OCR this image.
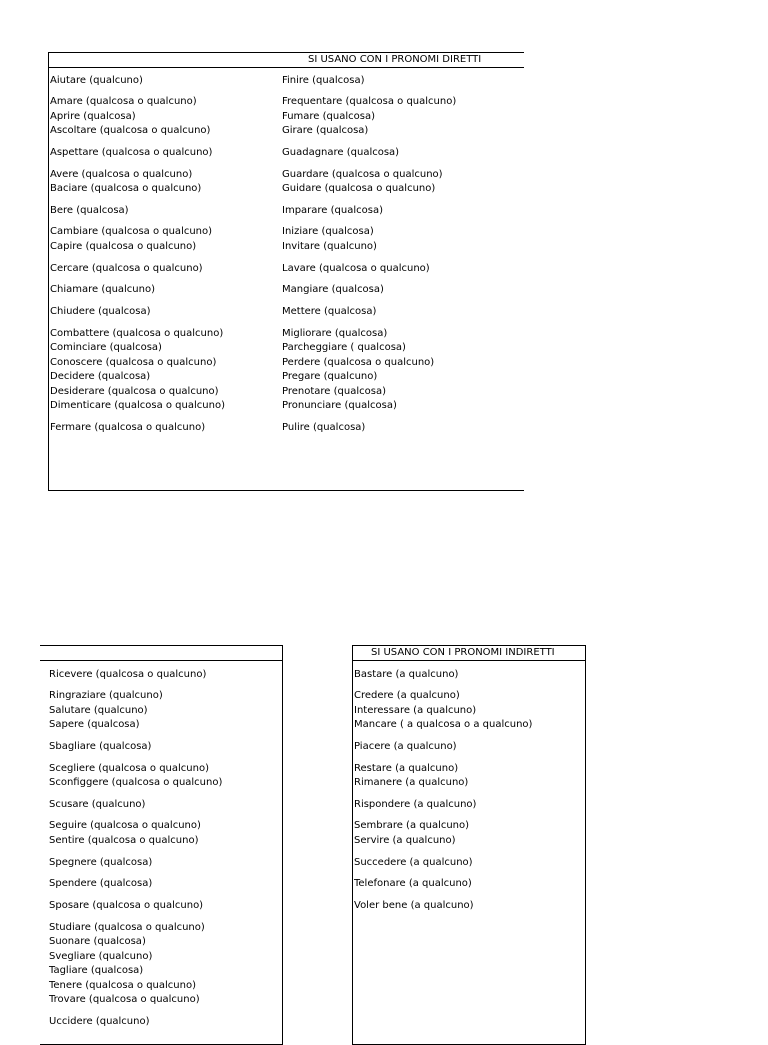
SI USANO CON I PRONOMI DIRETTI
Aiutare (qualcuno)
Amare (qualcosa o qualcuno)
Aprire (qualcosa)
Ascoltare (qualcosa o qualcuno)
Aspettare (qualcosa o qualcuno)
Avere (qualcosa o qualcuno)
Baciare (qualcosa o qualcuno)
Bere (qualcosa)
Cambiare (qualcosa o qualcuno)
Capire (qualcosa o qualcuno)
Cercare (qualcosa o qualcuno)
Chiamare (qualcuno)
Chiudere (qualcosa)
Combattere (qualcosa o qualcuno)
Cominciare (qualcosa)
Conoscere (qualcosa o qualcuno)
Decidere (qualcosa)
Desiderare (qualcosa o qualcuno)
Dimenticare (qualcosa o qualcuno)
Fermare (qualcosa o qualcuno)
Finire (qualcosa)
Frequentare (qualcosa o qualcuno)
Fumare (qualcosa)
Girare (qualcosa)
Guadagnare (qualcosa)
Guardare (qualcosa o qualcuno)
Guidare (qualcosa o qualcuno)
Imparare (qualcosa)
Iniziare (qualcosa)
Invitare (qualcuno)
Lavare (qualcosa o qualcuno)
Mangiare (qualcosa)
Mettere (qualcosa)
Migliorare (qualcosa)
Parcheggiare ( qualcosa)
Perdere (qualcosa o qualcuno)
Pregare (qualcuno)
Prenotare (qualcosa)
Pronunciare (qualcosa)
Pulire (qualcosa)
Ricevere (qualcosa o qualcuno)
Ringraziare (qualcuno)
Salutare (qualcuno)
Sapere (qualcosa)
Sbagliare (qualcosa)
Scegliere (qualcosa o qualcuno)
Sconfiggere (qualcosa o qualcuno)
Scusare (qualcuno)
Seguire (qualcosa o qualcuno)
Sentire (qualcosa o qualcuno)
Spegnere (qualcosa)
Spendere (qualcosa)
Sposare (qualcosa o qualcuno)
Studiare (qualcosa o qualcuno)
Suonare (qualcosa)
Svegliare (qualcuno)
Tagliare (qualcosa)
Tenere (qualcosa o qualcuno)
Trovare (qualcosa o qualcuno)
Uccidere (qualcuno)
SI USANO CON I PRONOMI INDIRETTI
Bastare (a qualcuno)
Credere (a qualcuno)
Interessare (a qualcuno)
Mancare ( a qualcosa o a qualcuno)
Piacere (a qualcuno)
Restare (a qualcuno)
Rimanere (a qualcuno)
Rispondere (a qualcuno)
Sembrare (a qualcuno)
Servire (a qualcuno)
Succedere (a qualcuno)
Telefonare (a qualcuno)
Voler bene (a qualcuno)
